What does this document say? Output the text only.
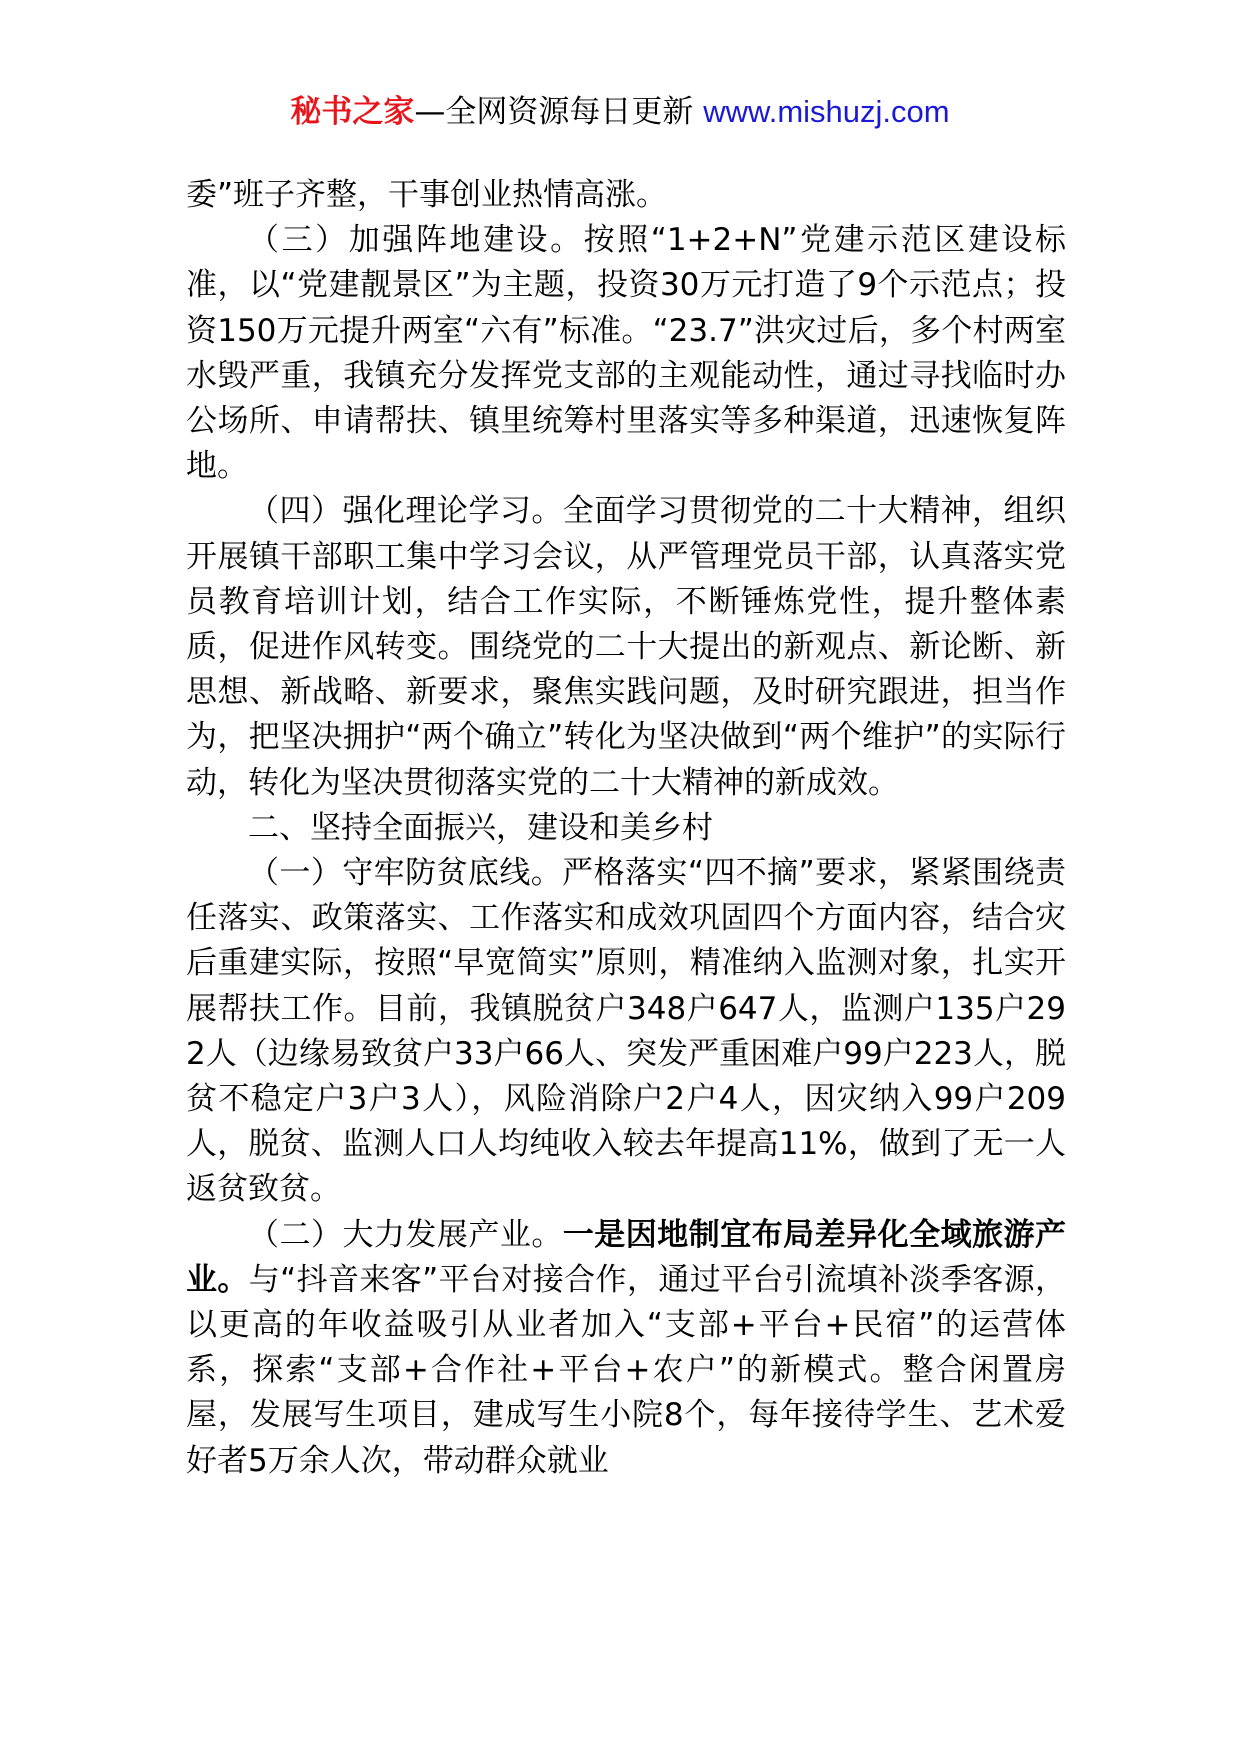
秘书之家—全网资源每日更新 www.mishuzj.com

委”班子齐整，干事创业热情高涨。

（三）加强阵地建设。按照“1+2+N”党建示范区建设标准，以“党建靓景区”为主题，投资30万元打造了9个示范点；投资150万元提升两室“六有”标准。“23.7”洪灾过后，多个村两室水毁严重，我镇充分发挥党支部的主观能动性，通过寻找临时办公场所、申请帮扶、镇里统筹村里落实等多种渠道，迅速恢复阵地。

（四）强化理论学习。全面学习贯彻党的二十大精神，组织开展镇干部职工集中学习会议，从严管理党员干部，认真落实党员教育培训计划，结合工作实际，不断锤炼党性，提升整体素质，促进作风转变。围绕党的二十大提出的新观点、新论断、新思想、新战略、新要求，聚焦实践问题，及时研究跟进，担当作为，把坚决拥护“两个确立”转化为坚决做到“两个维护”的实际行动，转化为坚决贯彻落实党的二十大精神的新成效。

二、坚持全面振兴，建设和美乡村

（一）守牢防贫底线。严格落实“四不摘”要求，紧紧围绕责任落实、政策落实、工作落实和成效巩固四个方面内容，结合灾后重建实际，按照“早宽简实”原则，精准纳入监测对象，扎实开展帮扶工作。目前，我镇脱贫户348户647人，监测户135户292人（边缘易致贫户33户66人、突发严重困难户99户223人，脱贫不稳定户3户3人），风险消除户2户4人，因灾纳入99户209人，脱贫、监测人口人均纯收入较去年提高11%，做到了无一人返贫致贫。

（二）大力发展产业。一是因地制宜布局差异化全域旅游产业。与“抖音来客”平台对接合作，通过平台引流填补淡季客源，以更高的年收益吸引从业者加入“支部+平台+民宿”的运营体系，探索“支部+合作社+平台+农户”的新模式。整合闲置房屋，发展写生项目，建成写生小院8个，每年接待学生、艺术爱好者5万余人次，带动群众就业
